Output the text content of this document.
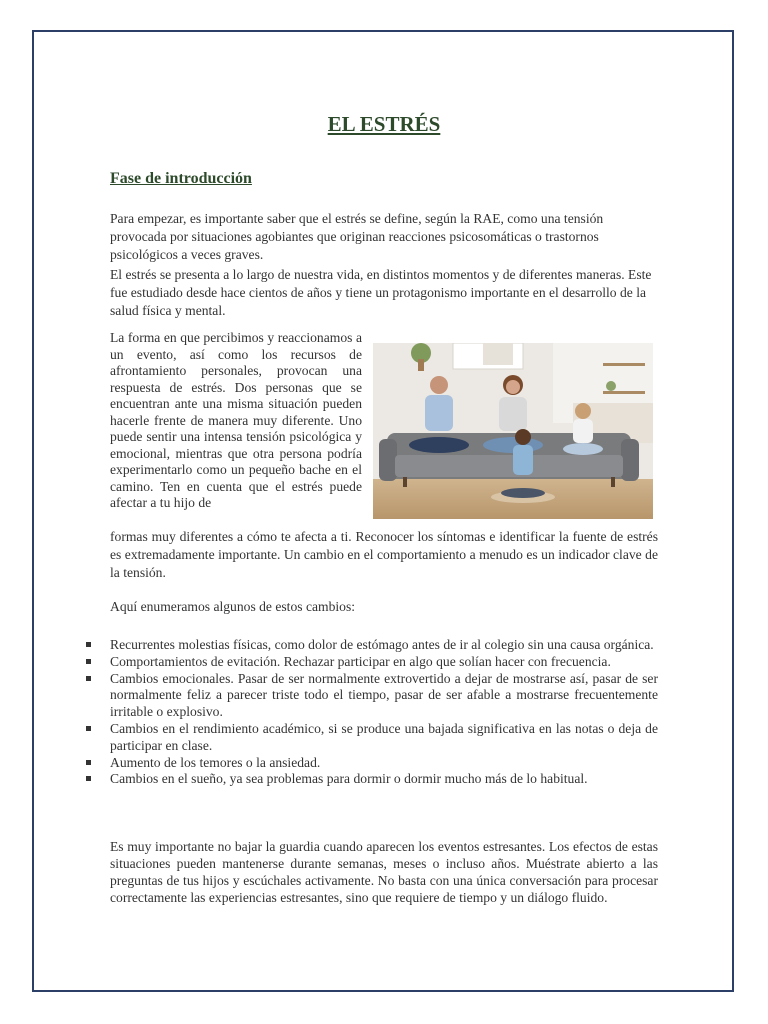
EL ESTRÉS
Fase de introducción

Para empezar, es importante saber que el estrés se define, según la RAE, como una tensión provocada por situaciones agobiantes que originan reacciones psicosomáticas o trastornos psicológicos a veces graves.

El estrés se presenta a lo largo de nuestra vida, en distintos momentos y de diferentes maneras. Este fue estudiado desde hace cientos de años y tiene un protagonismo importante en el desarrollo de la salud física y mental.

La forma en que percibimos y reaccionamos a un evento, así como los recursos de afrontamiento personales, provocan una respuesta de estrés. Dos personas que se encuentran ante una misma situación pueden hacerle frente de manera muy diferente. Uno puede sentir una intensa tensión psicológica y emocional, mientras que otra persona podría experimentarlo como un pequeño bache en el camino. Ten en cuenta que el estrés puede afectar a tu hijo de

formas muy diferentes a cómo te afecta a ti. Reconocer los síntomas e identificar la fuente de estrés es extremadamente importante. Un cambio en el comportamiento a menudo es un indicador clave de la tensión.

Aquí enumeramos algunos de estos cambios:

Recurrentes molestias físicas, como dolor de estómago antes de ir al colegio sin una causa orgánica.
Comportamientos de evitación. Rechazar participar en algo que solían hacer con frecuencia.
Cambios emocionales. Pasar de ser normalmente extrovertido a dejar de mostrarse así, pasar de ser normalmente feliz a parecer triste todo el tiempo, pasar de ser afable a mostrarse frecuentemente irritable o explosivo.
Cambios en el rendimiento académico, si se produce una bajada significativa en las notas o deja de participar en clase.
Aumento de los temores o la ansiedad.
Cambios en el sueño, ya sea problemas para dormir o dormir mucho más de lo habitual.

Es muy importante no bajar la guardia cuando aparecen los eventos estresantes. Los efectos de estas situaciones pueden mantenerse durante semanas, meses o incluso años. Muéstrate abierto a las preguntas de tus hijos y escúchales activamente. No basta con una única conversación para procesar correctamente las experiencias estresantes, sino que requiere de tiempo y un diálogo fluido.
